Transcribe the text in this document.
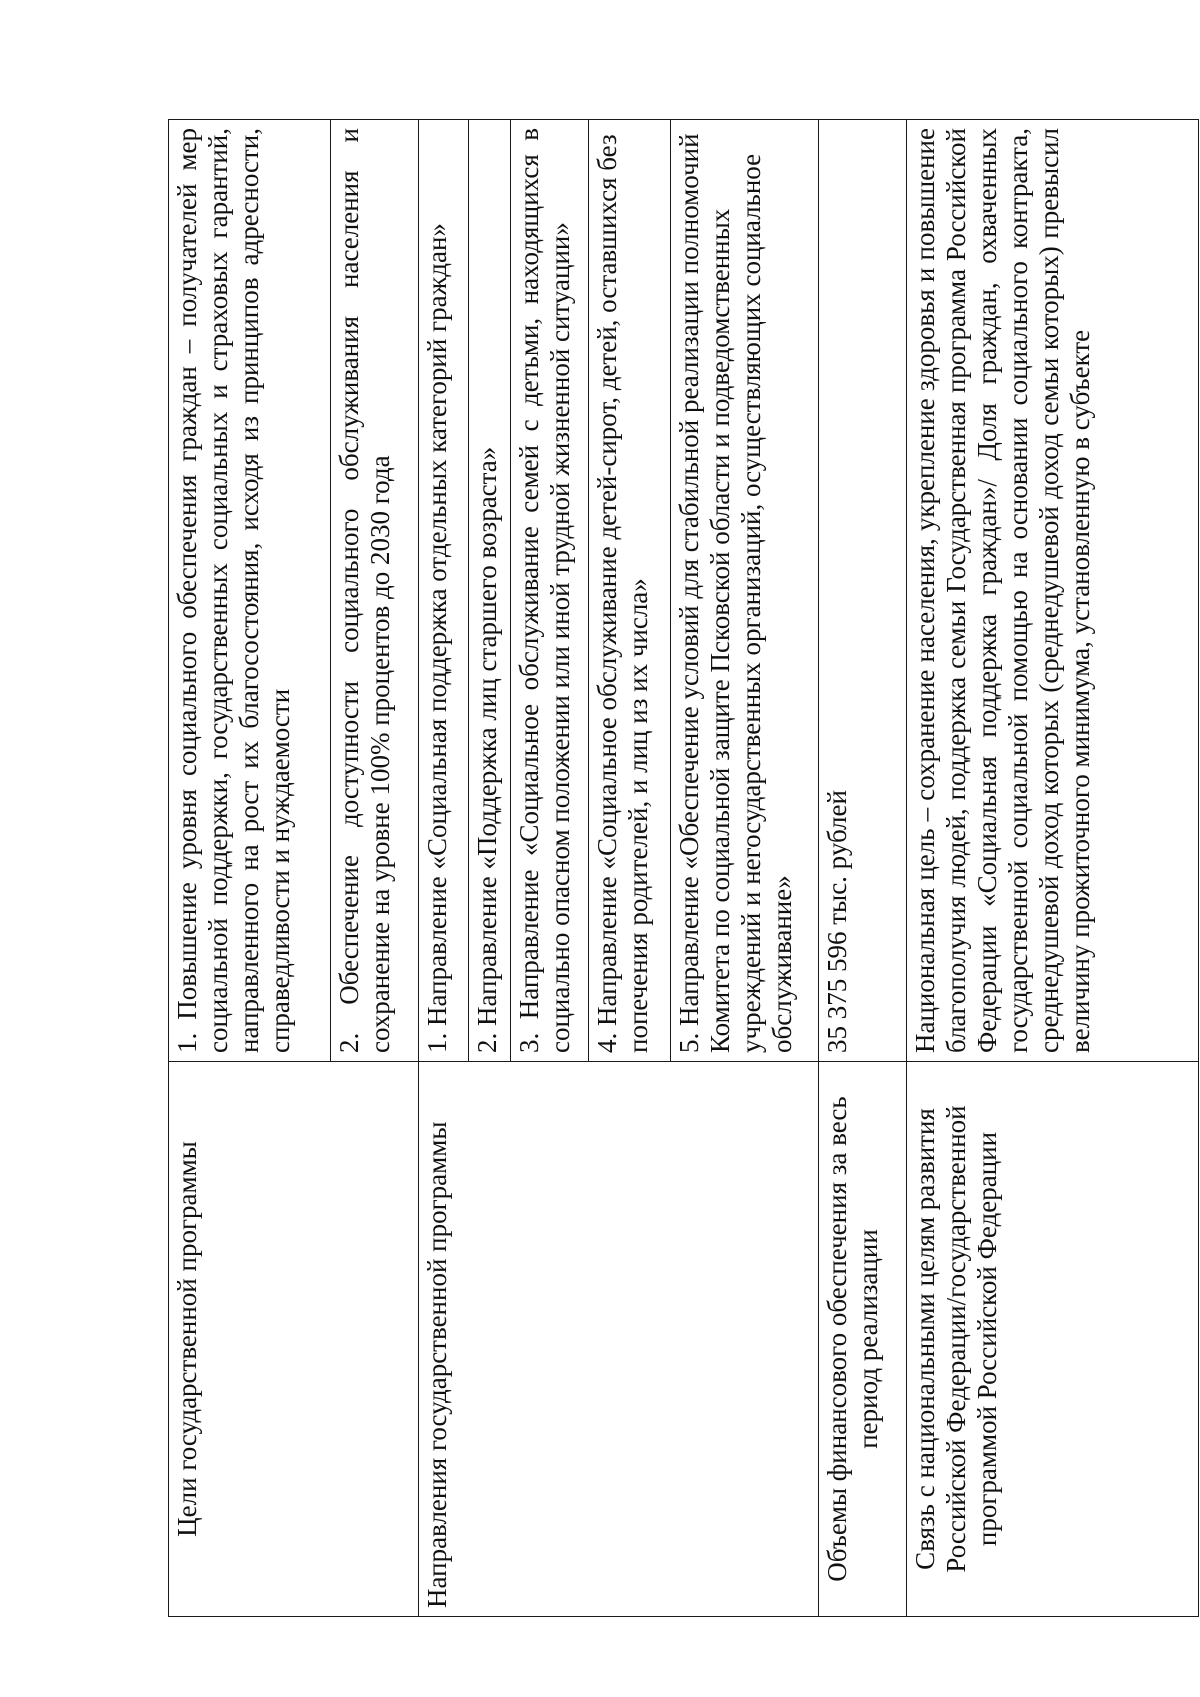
Цели государственной программы	1. Повышение уровня социального обеспечения граждан – получателей мер социальной поддержки, государственных социальных и страховых гарантий, направленного на рост их благосостояния, исходя из принципов адресности, справедливости и нуждаемости
	2. Обеспечение доступности социального обслуживания населения и сохранение на уровне 100% процентов до 2030 года
Направления государственной программы	1. Направление «Социальная поддержка отдельных категорий граждан»
	2. Направление «Поддержка лиц старшего возраста»
	3. Направление «Социальное обслуживание семей с детьми, находящихся в социально опасном положении или иной трудной жизненной ситуации»
	4. Направление «Социальное обслуживание детей-сирот, детей, оставшихся без попечения родителей, и лиц из их числа»
	5. Направление «Обеспечение условий для стабильной реализации полномочий Комитета по социальной защите Псковской области и подведомственных учреждений и негосударственных организаций, осуществляющих социальное обслуживание»
Объемы финансового обеспечения за весь период реализации	35 375 596 тыс. рублей
Связь с национальными целям развития Российской Федерации/государственной программой Российской Федерации	Национальная цель – сохранение населения, укрепление здоровья и повышение благополучия людей, поддержка семьи Государственная программа Российской Федерации «Социальная поддержка граждан»/ Доля граждан, охваченных государственной социальной помощью на основании социального контракта, среднедушевой доход которых (среднедушевой доход семьи которых) превысил величину прожиточного минимума, установленную в субъекте
